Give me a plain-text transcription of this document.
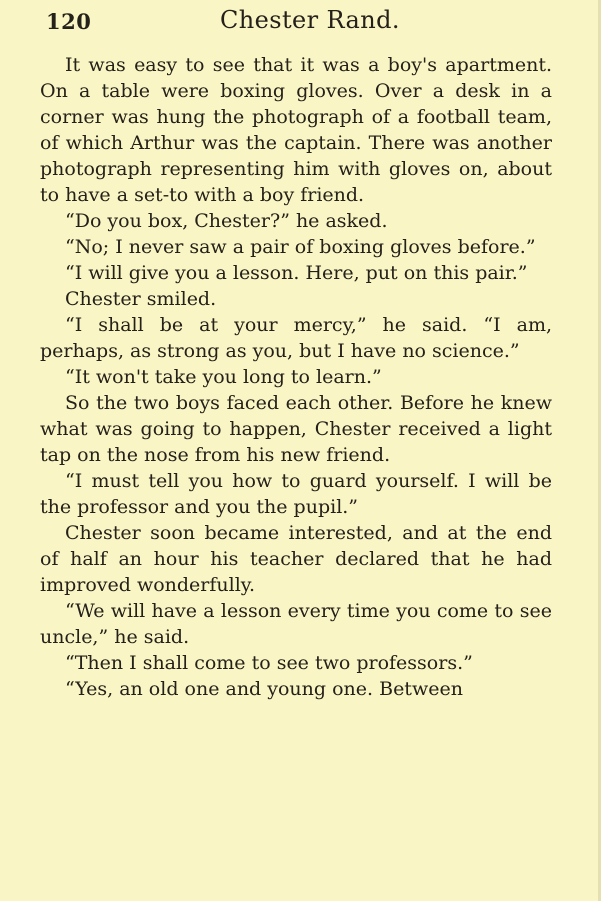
120	Chester Rand.

It was easy to see that it was a boy's apartment. On a table were boxing gloves. Over a desk in a corner was hung the photograph of a football team, of which Arthur was the captain. There was another photograph representing him with gloves on, about to have a set-to with a boy friend.

“Do you box, Chester?” he asked.

“No; I never saw a pair of boxing gloves before.”

“I will give you a lesson. Here, put on this pair.”

Chester smiled.

“I shall be at your mercy,” he said. “I am, perhaps, as strong as you, but I have no science.”

“It won't take you long to learn.”

So the two boys faced each other. Before he knew what was going to happen, Chester received a light tap on the nose from his new friend.

“I must tell you how to guard yourself. I will be the professor and you the pupil.”

Chester soon became interested, and at the end of half an hour his teacher declared that he had improved wonderfully.

“We will have a lesson every time you come to see uncle,” he said.

“Then I shall come to see two professors.”

“Yes, an old one and young one. Between
